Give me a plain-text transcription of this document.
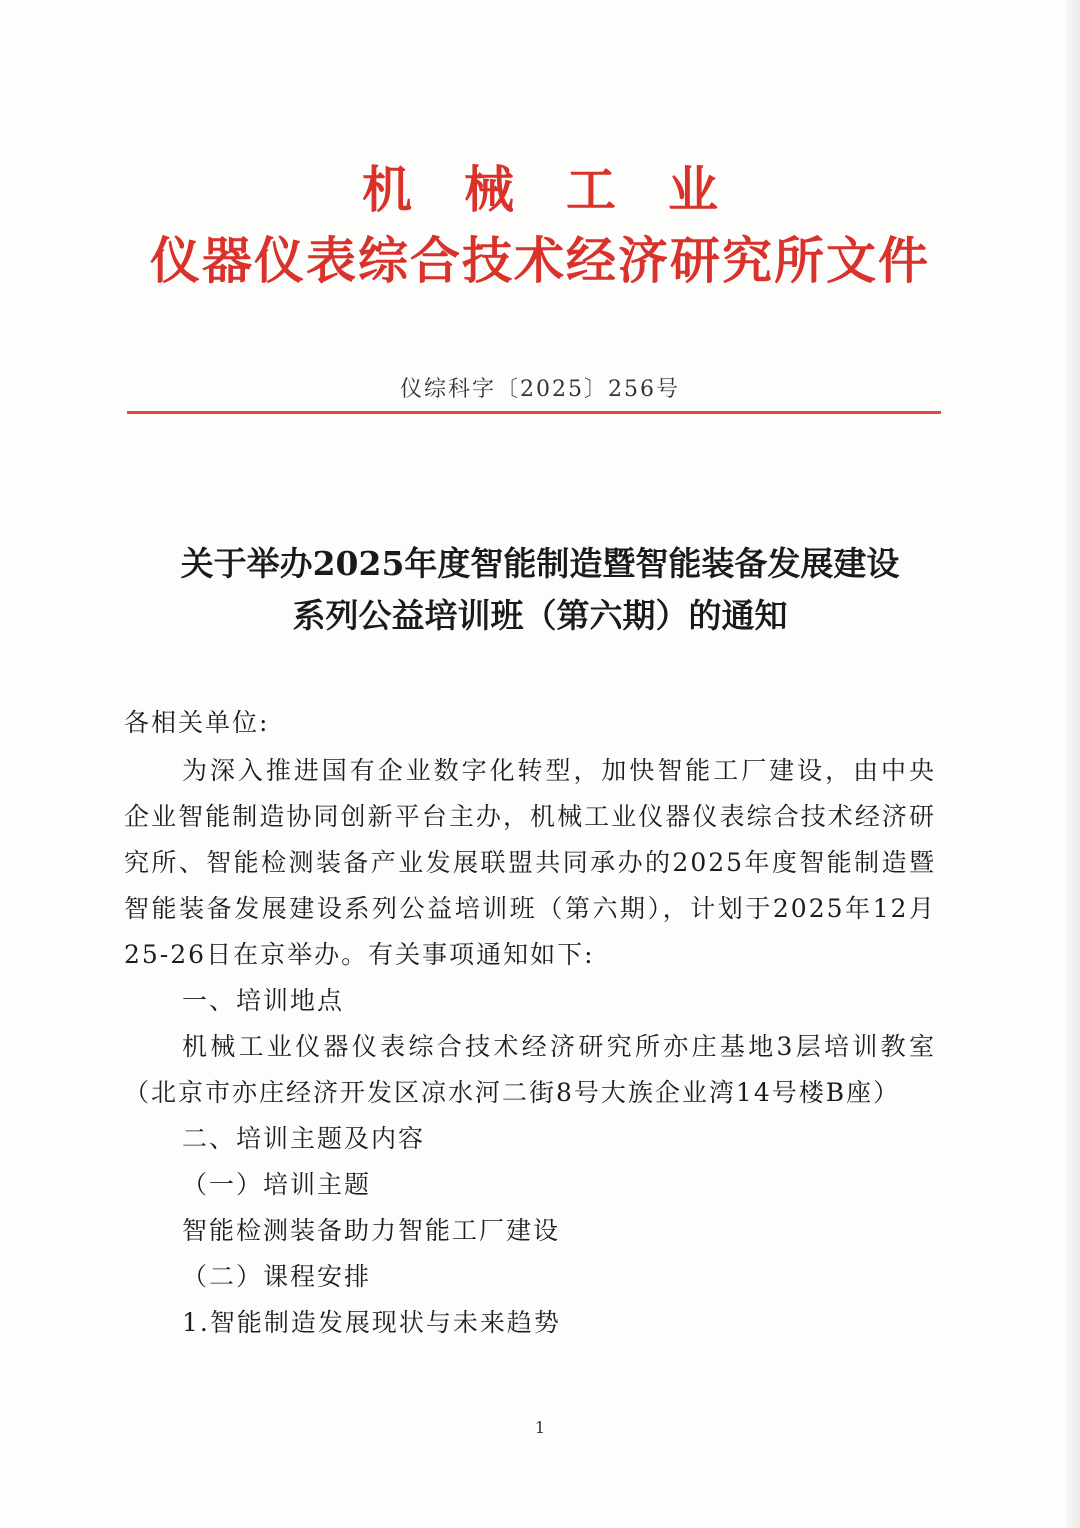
机械工业
仪器仪表综合技术经济研究所文件
仪综科字〔2025〕256号
关于举办2025年度智能制造暨智能装备发展建设
系列公益培训班（第六期）的通知

各相关单位:

为深入推进国有企业数字化转型，加快智能工厂建设，由中央企业智能制造协同创新平台主办，机械工业仪器仪表综合技术经济研究所、智能检测装备产业发展联盟共同承办的2025年度智能制造暨智能装备发展建设系列公益培训班（第六期），计划于2025年12月25-26日在京举办。有关事项通知如下:

一、培训地点

机械工业仪器仪表综合技术经济研究所亦庄基地3层培训教室（北京市亦庄经济开发区凉水河二街8号大族企业湾14号楼B座）

二、培训主题及内容

（一）培训主题

智能检测装备助力智能工厂建设

（二）课程安排

1.智能制造发展现状与未来趋势

1
